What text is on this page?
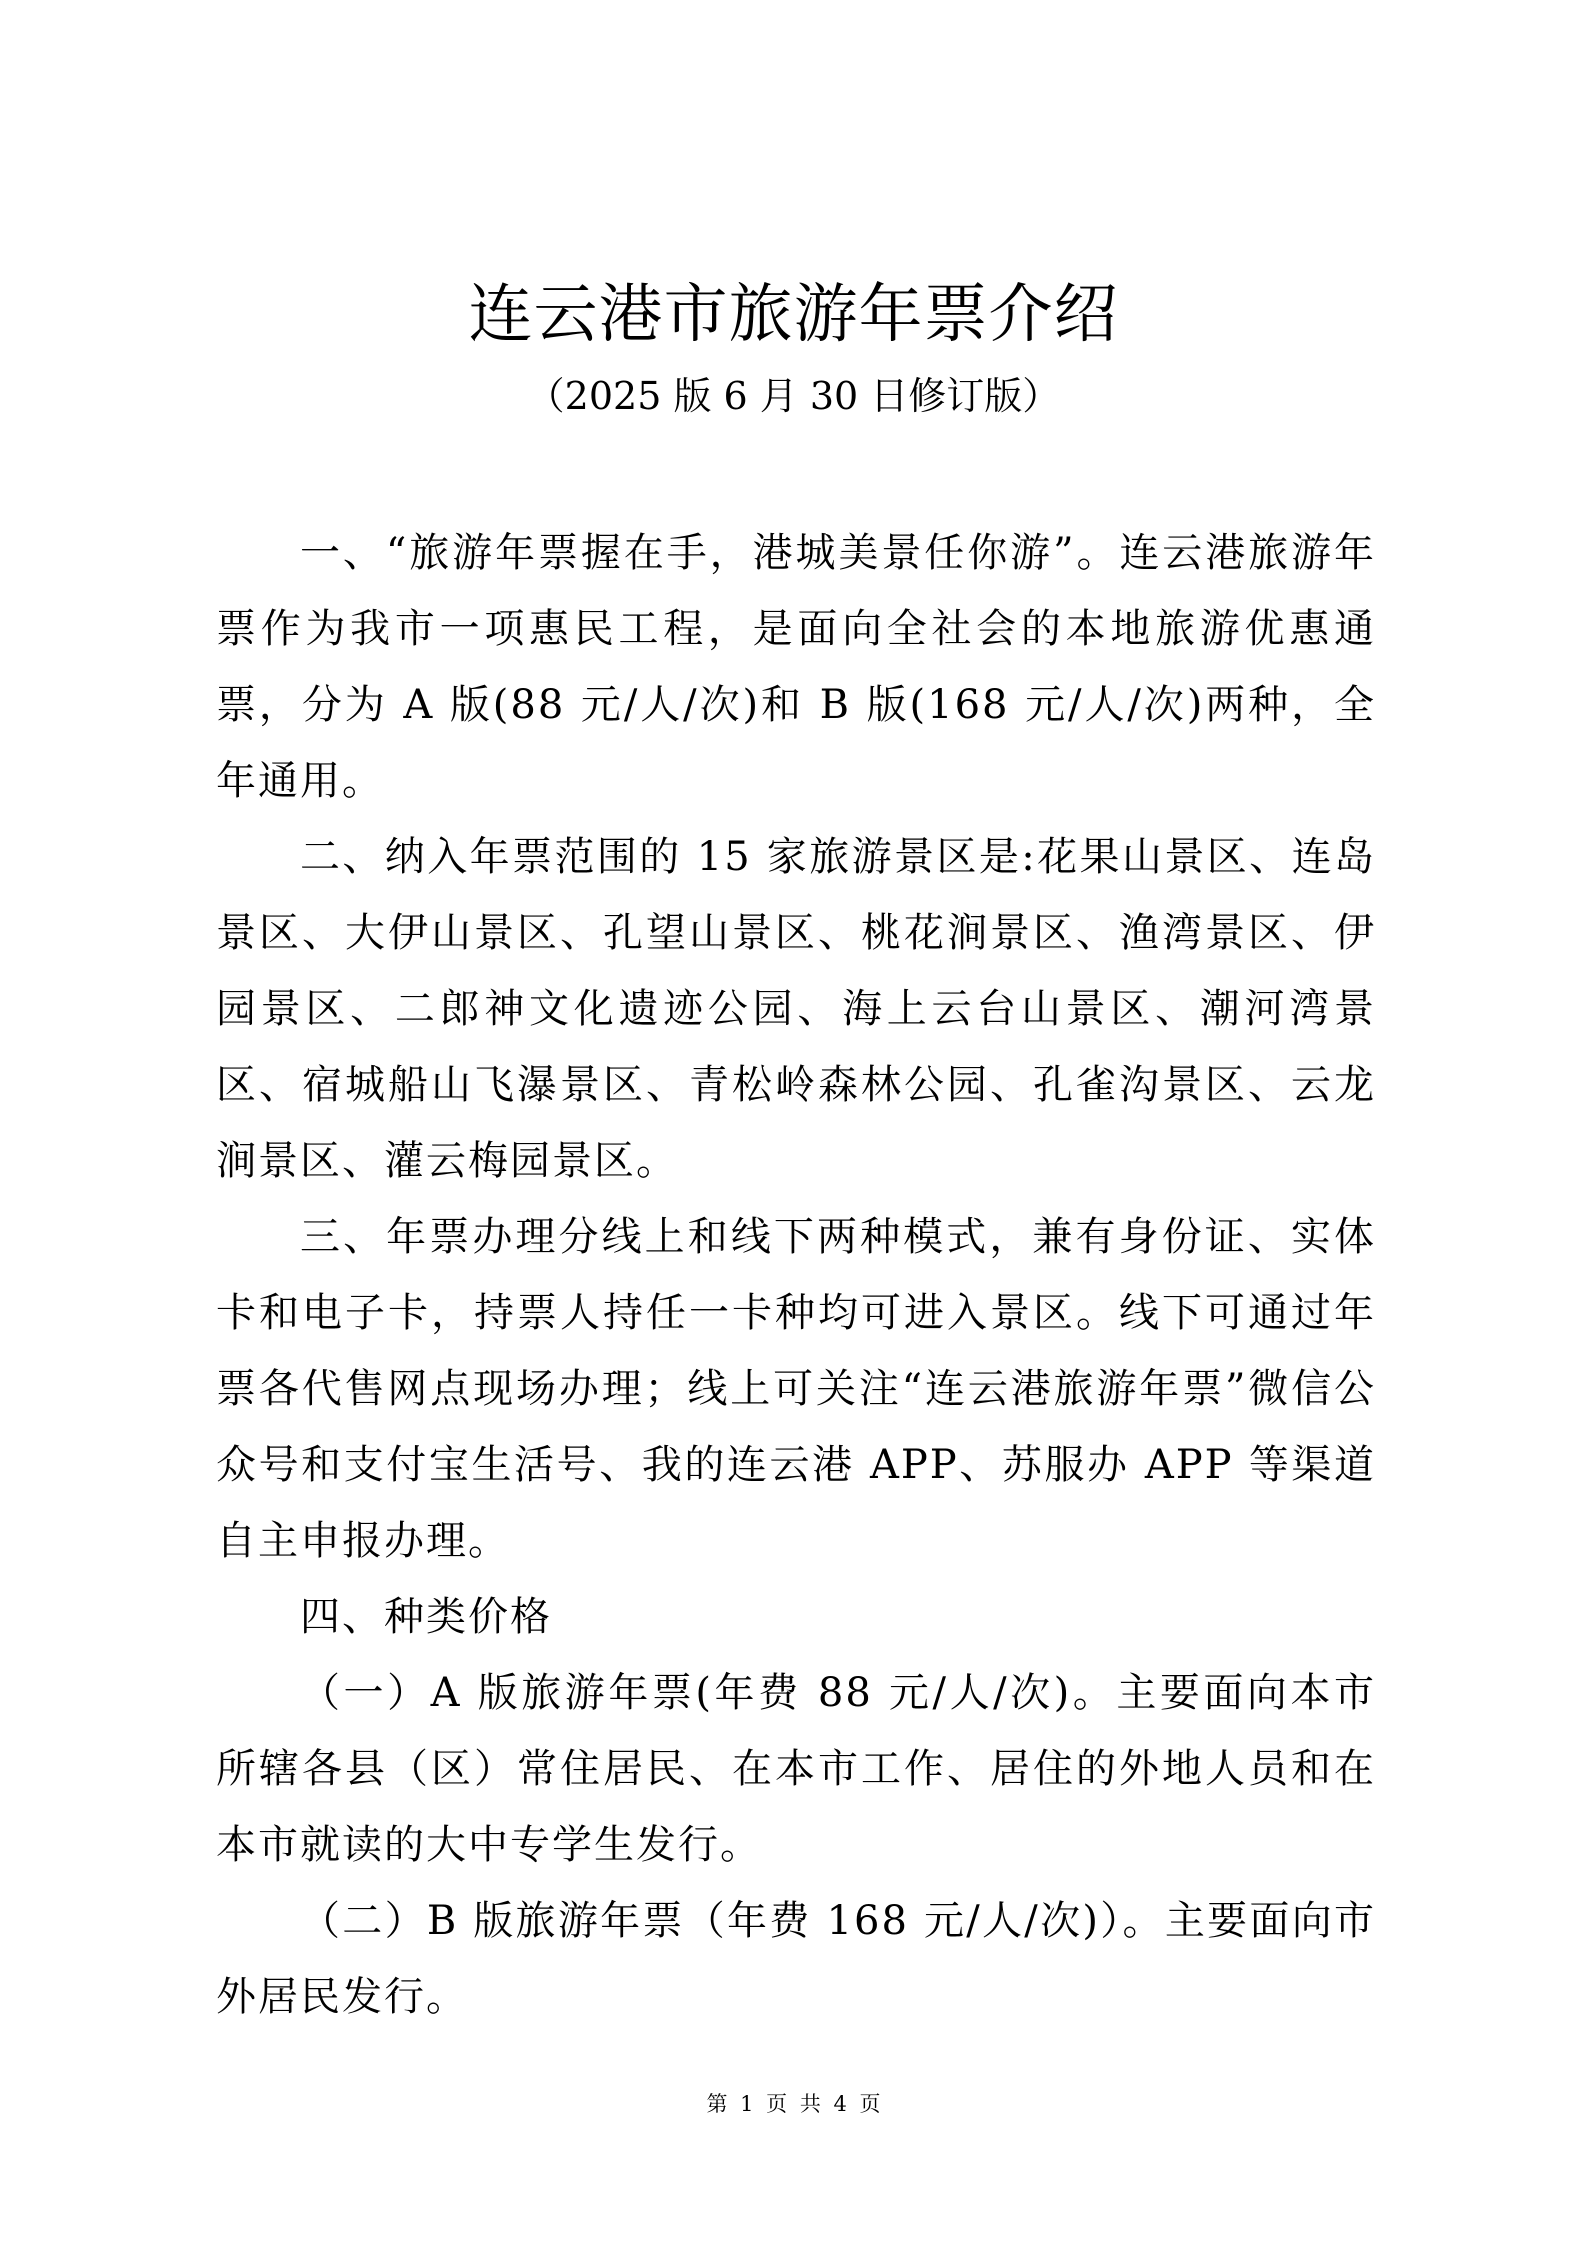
连云港市旅游年票介绍
（2025 版 6 月 30 日修订版）

一、“旅游年票握在手，港城美景任你游”。连云港旅游年票作为我市一项惠民工程，是面向全社会的本地旅游优惠通票，分为 A 版(88 元/人/次)和 B 版(168 元/人/次)两种，全年通用。

二、纳入年票范围的 15 家旅游景区是:花果山景区、连岛景区、大伊山景区、孔望山景区、桃花涧景区、渔湾景区、伊园景区、二郎神文化遗迹公园、海上云台山景区、潮河湾景区、宿城船山飞瀑景区、青松岭森林公园、孔雀沟景区、云龙涧景区、灌云梅园景区。

三、年票办理分线上和线下两种模式，兼有身份证、实体卡和电子卡，持票人持任一卡种均可进入景区。线下可通过年票各代售网点现场办理；线上可关注“连云港旅游年票”微信公众号和支付宝生活号、我的连云港 APP、苏服办 APP 等渠道自主申报办理。

四、种类价格

（一）A 版旅游年票(年费 88 元/人/次)。主要面向本市所辖各县（区）常住居民、在本市工作、居住的外地人员和在本市就读的大中专学生发行。

（二）B 版旅游年票（年费 168 元/人/次)）。主要面向市外居民发行。

第 1 页 共 4 页
